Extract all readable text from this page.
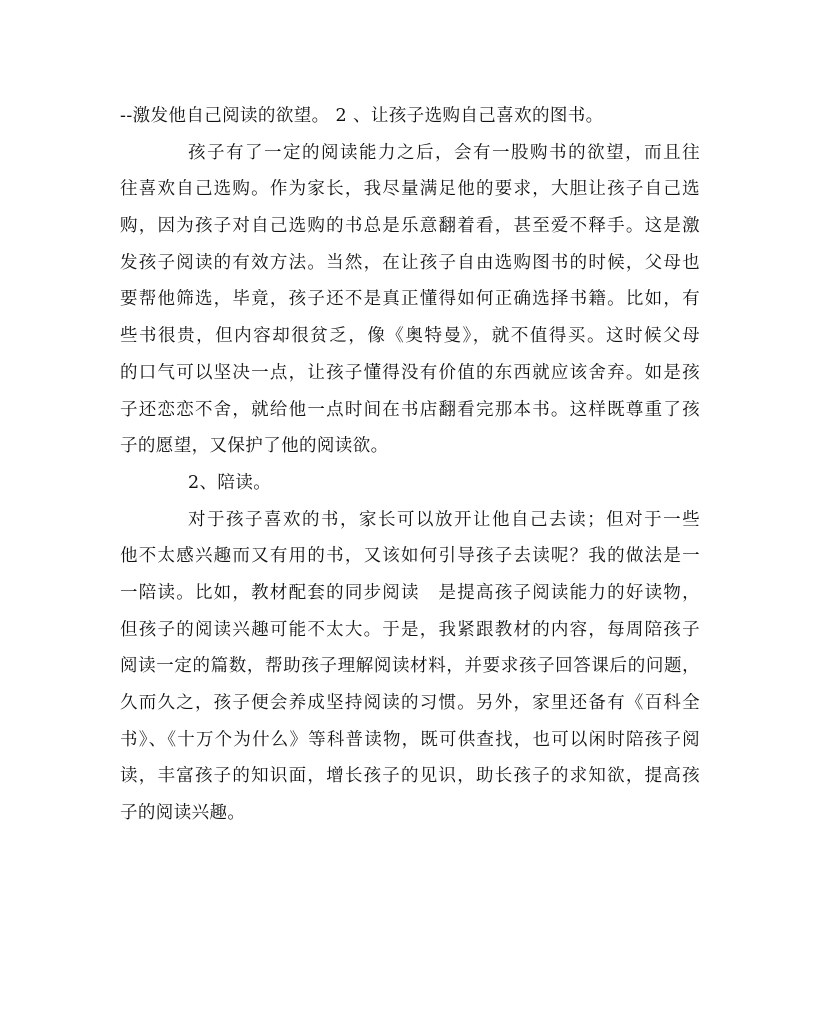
--激发他自己阅读的欲望。 2 、让孩子选购自己喜欢的图书。
孩子有了一定的阅读能力之后，会有一股购书的欲望，而且往
往喜欢自己选购。作为家长，我尽量满足他的要求，大胆让孩子自己选
购，因为孩子对自己选购的书总是乐意翻着看，甚至爱不释手。这是激
发孩子阅读的有效方法。当然，在让孩子自由选购图书的时候，父母也
要帮他筛选，毕竟，孩子还不是真正懂得如何正确选择书籍。比如，有
些书很贵，但内容却很贫乏，像《奥特曼》，就不值得买。这时候父母
的口气可以坚决一点，让孩子懂得没有价值的东西就应该舍弃。如是孩
子还恋恋不舍，就给他一点时间在书店翻看完那本书。这样既尊重了孩
子的愿望，又保护了他的阅读欲。
2、陪读。
对于孩子喜欢的书，家长可以放开让他自己去读；但对于一些
他不太感兴趣而又有用的书，又该如何引导孩子去读呢？我的做法是一
一陪读。比如，教材配套的同步阅读　是提高孩子阅读能力的好读物，
但孩子的阅读兴趣可能不太大。于是，我紧跟教材的内容，每周陪孩子
阅读一定的篇数，帮助孩子理解阅读材料，并要求孩子回答课后的问题，
久而久之，孩子便会养成坚持阅读的习惯。另外，家里还备有《百科全
书》、《十万个为什么》等科普读物，既可供查找，也可以闲时陪孩子阅
读，丰富孩子的知识面，增长孩子的见识，助长孩子的求知欲，提高孩
子的阅读兴趣。
